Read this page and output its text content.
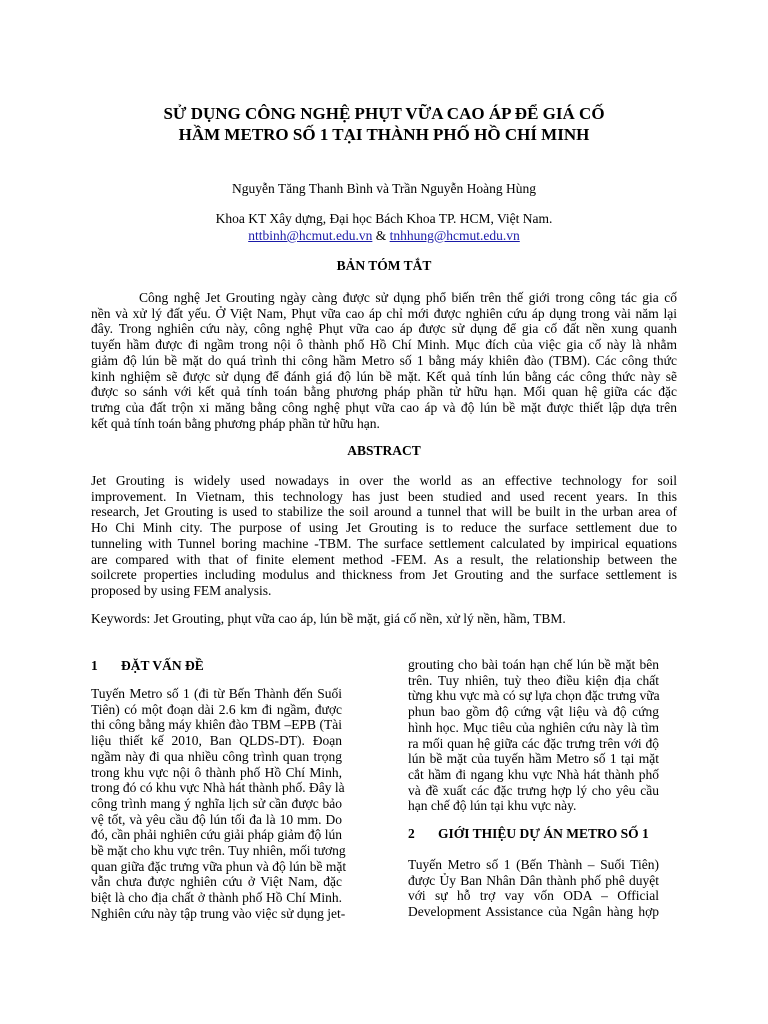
SỬ DỤNG CÔNG NGHỆ PHỤT VỮA CAO ÁP ĐỂ GIÁ CỐ
HẦM METRO SỐ 1 TẠI THÀNH PHỐ HỒ CHÍ MINH
Nguyễn Tăng Thanh Bình và Trần Nguyễn Hoàng Hùng
Khoa KT Xây dựng, Đại học Bách Khoa TP. HCM, Việt Nam.
nttbinh@hcmut.edu.vn & tnhhung@hcmut.edu.vn
BẢN TÓM TẮT
Công nghệ Jet Grouting ngày càng được sử dụng phổ biến trên thế giới trong công tác gia cố
nền và xử lý đất yếu. Ở Việt Nam, Phụt vữa cao áp chỉ mới được nghiên cứu áp dụng trong vài năm lại
đây. Trong nghiên cứu này, công nghệ Phụt vữa cao áp được sử dụng để gia cố đất nền xung quanh
tuyến hầm được đi ngầm trong nội ô thành phố Hồ Chí Minh. Mục đích của việc gia cố này là nhằm
giảm độ lún bề mặt do quá trình thi công hầm Metro số 1 bằng máy khiên đào (TBM). Các công thức
kinh nghiệm sẽ được sử dụng để đánh giá độ lún bề mặt. Kết quả tính lún bằng các công thức này sẽ
được so sánh với kết quả tính toán bằng phương pháp phần tử hữu hạn. Mối quan hệ giữa các đặc
trưng của đất trộn xi măng bằng công nghệ phụt vữa cao áp và độ lún bề mặt được thiết lập dựa trên
kết quả tính toán bằng phương pháp phần tử hữu hạn.
ABSTRACT
Jet Grouting is widely used nowadays in over the world as an effective technology for soil
improvement. In Vietnam, this technology has just been studied and used recent years. In this
research, Jet Grouting is used to stabilize the soil around a tunnel that will be built in the urban area of
Ho Chi Minh city. The purpose of using Jet Grouting is to reduce the surface settlement due to
tunneling with Tunnel boring machine -TBM. The surface settlement calculated by impirical equations
are compared with that of finite element method -FEM. As a result, the relationship between the
soilcrete properties including modulus and thickness from Jet Grouting and the surface settlement is
proposed by using FEM analysis.
Keywords: Jet Grouting, phụt vữa cao áp, lún bề mặt, giá cố nền, xử lý nền, hầm, TBM.
1 ĐẶT VẤN ĐỀ
Tuyến Metro số 1 (đi từ Bến Thành đến Suối
Tiên) có một đoạn dài 2.6 km đi ngầm, được
thi công bằng máy khiên đào TBM –EPB (Tài
liệu thiết kế 2010, Ban QLDS-DT). Đoạn
ngầm này đi qua nhiều công trình quan trọng
trong khu vực nội ô thành phố Hồ Chí Minh,
trong đó có khu vực Nhà hát thành phố. Đây là
công trình mang ý nghĩa lịch sử cần được bảo
vệ tốt, và yêu cầu độ lún tối đa là 10 mm. Do
đó, cần phải nghiên cứu giải pháp giảm độ lún
bề mặt cho khu vực trên. Tuy nhiên, mối tương
quan giữa đặc trưng vữa phun và độ lún bề mặt
vẫn chưa được nghiên cứu ở Việt Nam, đặc
biệt là cho địa chất ở thành phố Hồ Chí Minh.
Nghiên cứu này tập trung vào việc sử dụng jet-
grouting cho bài toán hạn chế lún bề mặt bên
trên. Tuy nhiên, tuỳ theo điều kiện địa chất
từng khu vực mà có sự lựa chọn đặc trưng vữa
phun bao gồm độ cứng vật liệu và độ cứng
hình học. Mục tiêu của nghiên cứu này là tìm
ra mối quan hệ giữa các đặc trưng trên với độ
lún bề mặt của tuyến hầm Metro số 1 tại mặt
cắt hầm đi ngang khu vực Nhà hát thành phố
và đề xuất các đặc trưng hợp lý cho yêu cầu
hạn chế độ lún tại khu vực này.
2 GIỚI THIỆU DỰ ÁN METRO SỐ 1
Tuyến Metro số 1 (Bến Thành – Suối Tiên)
được Ủy Ban Nhân Dân thành phố phê duyệt
với sự hỗ trợ vay vốn ODA – Official
Development Assistance của Ngân hàng hợp
